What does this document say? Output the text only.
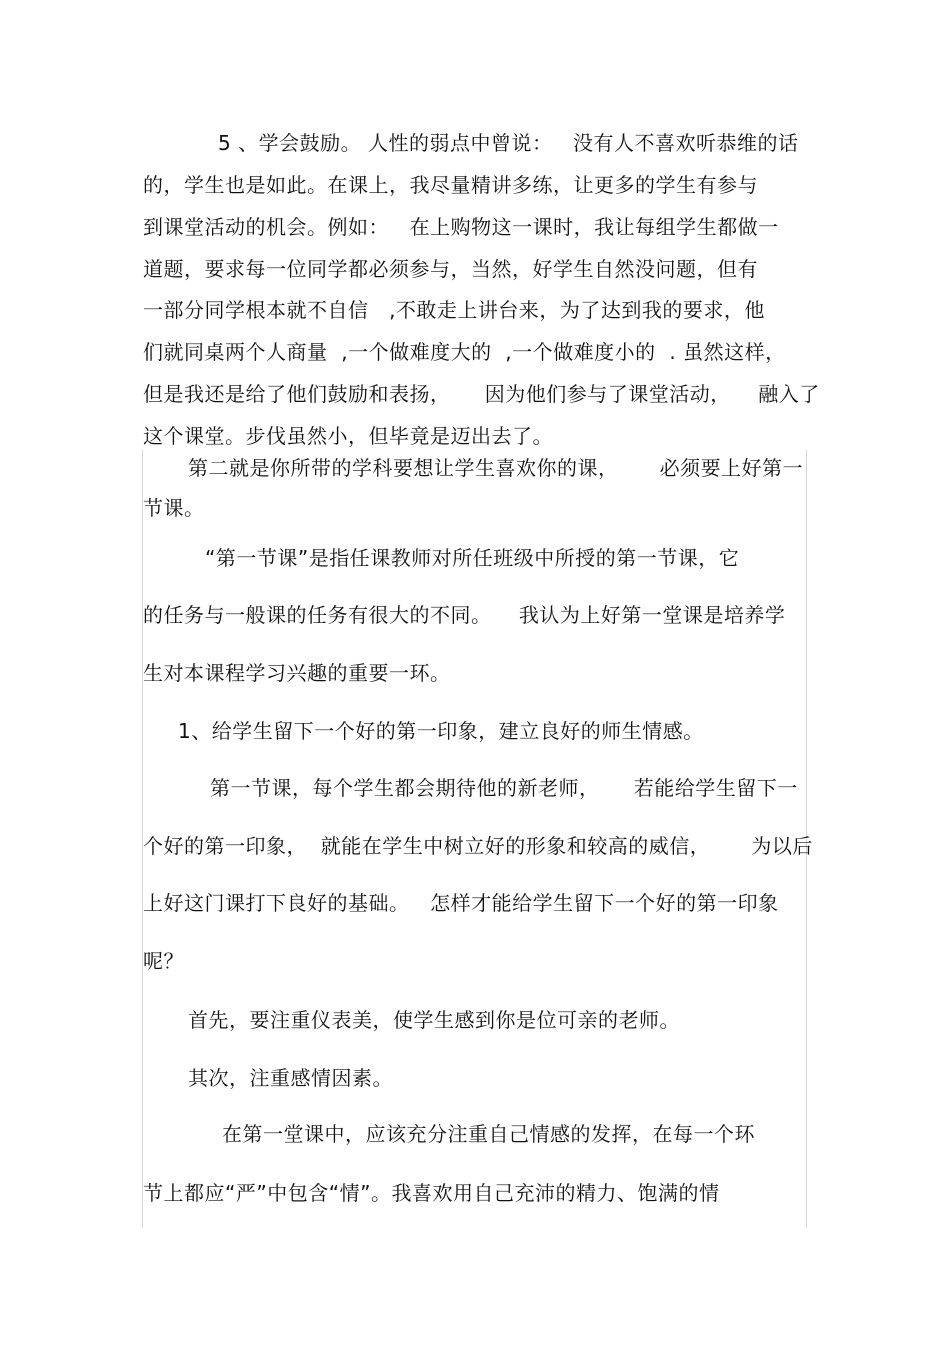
5 、学会鼓励。 人性的弱点中曾说：   没有人不喜欢听恭维的话
的，学生也是如此。在课上，我尽量精讲多练，让更多的学生有参与
到课堂活动的机会。例如：   在上购物这一课时，我让每组学生都做一
道题，要求每一位同学都必须参与，当然，好学生自然没问题，但有
一部分同学根本就不自信   ,不敢走上讲台来，为了达到我的要求，他
们就同桌两个人商量  ,一个做难度大的  ,一个做难度小的  . 虽然这样，
但是我还是给了他们鼓励和表扬，     因为他们参与了课堂活动，    融入了
这个课堂。步伐虽然小，但毕竟是迈出去了。
第二就是你所带的学科要想让学生喜欢你的课，      必须要上好第一
节课。
“第一节课”是指任课教师对所任班级中所授的第一节课，它
的任务与一般课的任务有很大的不同。    我认为上好第一堂课是培养学
生对本课程学习兴趣的重要一环。
1、给学生留下一个好的第一印象，建立良好的师生情感。
第一节课，每个学生都会期待他的新老师，     若能给学生留下一
个好的第一印象，  就能在学生中树立好的形象和较高的威信，      为以后
上好这门课打下良好的基础。   怎样才能给学生留下一个好的第一印象
呢？
首先，要注重仪表美，使学生感到你是位可亲的老师。
其次，注重感情因素。
在第一堂课中，应该充分注重自己情感的发挥，在每一个环
节上都应“严”中包含“情”。我喜欢用自己充沛的精力、饱满的情
